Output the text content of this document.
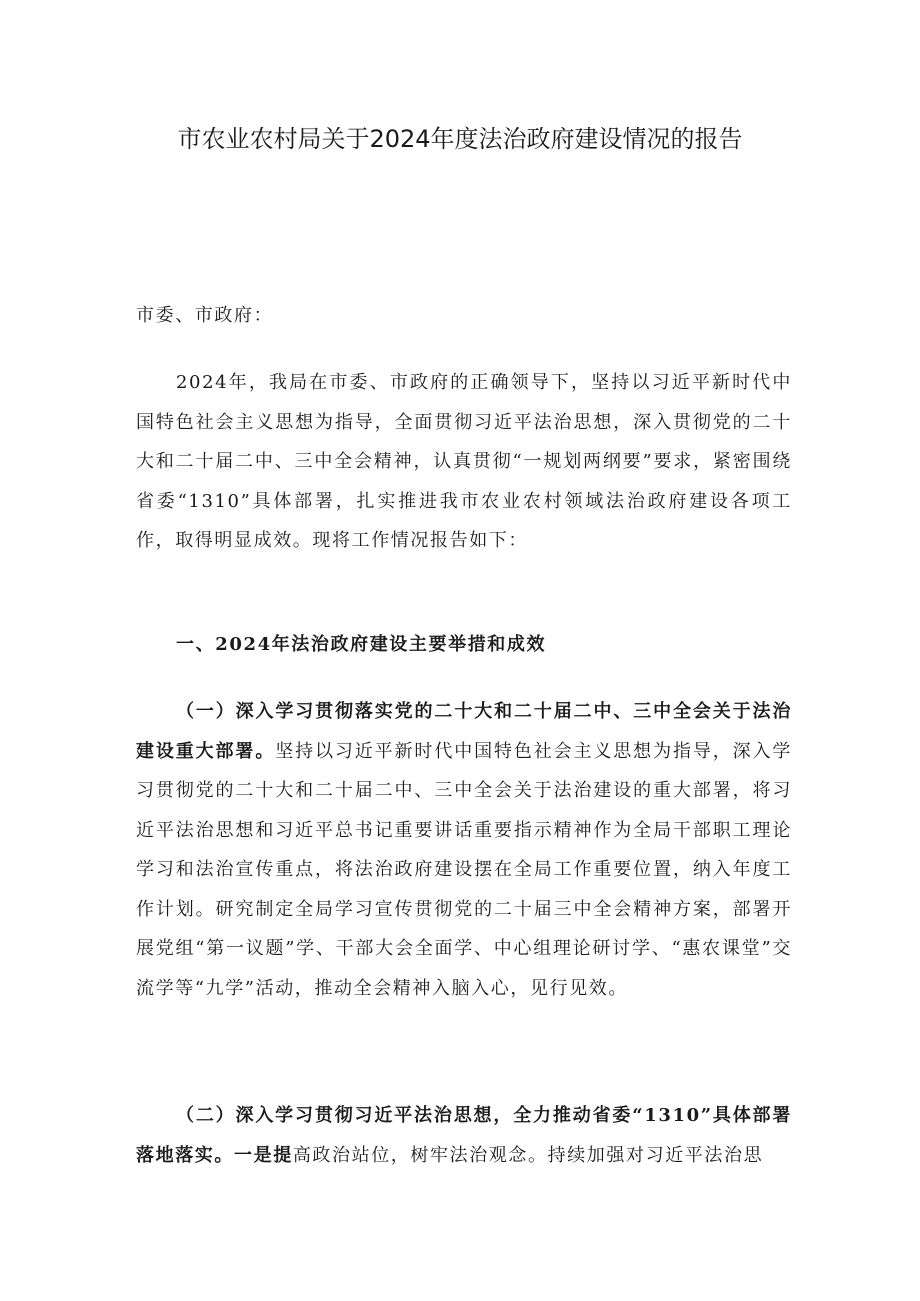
市农业农村局关于2024年度法治政府建设情况的报告
市委、市政府：
2024年，我局在市委、市政府的正确领导下，坚持以习近平新时代中国特色社会主义思想为指导，全面贯彻习近平法治思想，深入贯彻党的二十大和二十届二中、三中全会精神，认真贯彻“一规划两纲要”要求，紧密围绕省委“1310”具体部署，扎实推进我市农业农村领域法治政府建设各项工作，取得明显成效。现将工作情况报告如下：
一、2024年法治政府建设主要举措和成效
（一）深入学习贯彻落实党的二十大和二十届二中、三中全会关于法治建设重大部署。坚持以习近平新时代中国特色社会主义思想为指导，深入学习贯彻党的二十大和二十届二中、三中全会关于法治建设的重大部署，将习近平法治思想和习近平总书记重要讲话重要指示精神作为全局干部职工理论学习和法治宣传重点，将法治政府建设摆在全局工作重要位置，纳入年度工作计划。研究制定全局学习宣传贯彻党的二十届三中全会精神方案，部署开展党组“第一议题”学、干部大会全面学、中心组理论研讨学、“惠农课堂”交流学等“九学”活动，推动全会精神入脑入心，见行见效。
（二）深入学习贯彻习近平法治思想，全力推动省委“1310”具体部署落地落实。一是提高政治站位，树牢法治观念。持续加强对习近平法治思
